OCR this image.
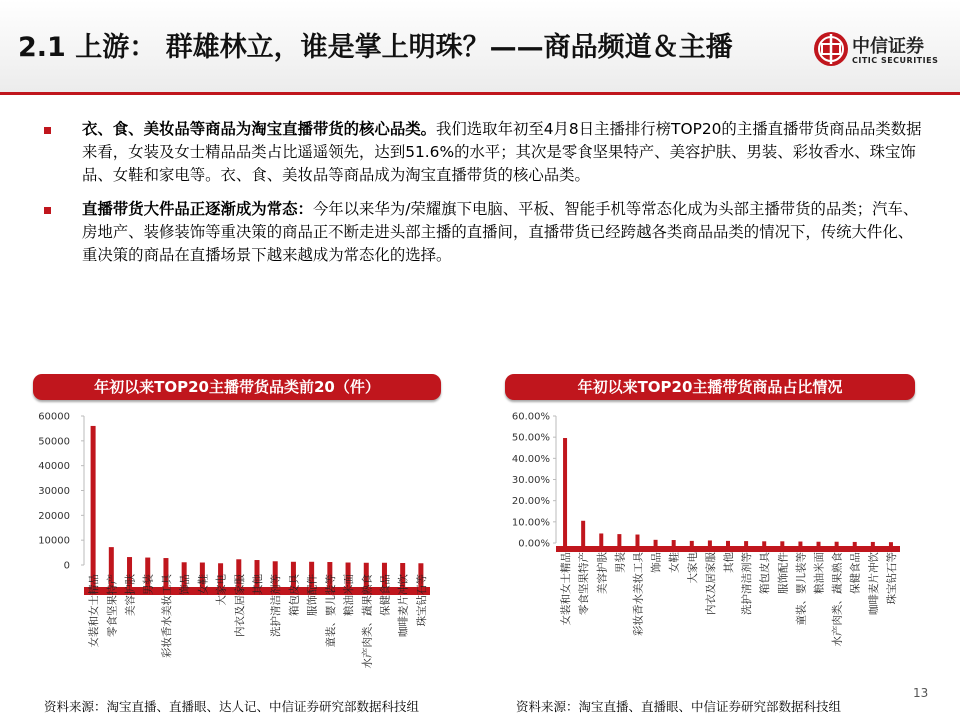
2.1 上游： 群雄林立，谁是掌上明珠？——商品频道＆主播	中信证券
CITIC SECURITIES
衣、食、美妆品等商品为淘宝直播带货的核心品类。我们选取年初至4月8日主播排行榜TOP20的主播直播带货商品品类数据来看，女装及女士精品品类占比遥遥领先，达到51.6%的水平；其次是零食坚果特产、美容护肤、男装、彩妆香水、珠宝饰品、女鞋和家电等。衣、食、美妆品等商品成为淘宝直播带货的核心品类。
直播带货大件品正逐渐成为常态：今年以来华为/荣耀旗下电脑、平板、智能手机等常态化成为头部主播带货的品类；汽车、房地产、装修装饰等重决策的商品正不断走进头部主播的直播间，直播带货已经跨越各类商品品类的情况下，传统大件化、重决策的商品在直播场景下越来越成为常态化的选择。
年初以来TOP20主播带货品类前20（件）	年初以来TOP20主播带货商品占比情况
60000
50000
40000
30000
20000
10000
0
女装和女士精品 零食坚果特产 美容护肤 男装 彩妆香水美妆工具 饰品 女鞋 大家电 内衣及居家服 其他 洗护清洁剂等 箱包皮具 服饰配件 童装、婴儿装等 粮油米面 水产肉类、蔬果熟食 保健食品 咖啡麦片冲饮 珠宝钻石等
60.00%
50.00%
40.00%
30.00%
20.00%
10.00%
0.00%
女装和女士精品 零食坚果特产 美容护肤 男装 彩妆香水美妆工具 饰品 女鞋 大家电 内衣及居家服 其他 洗护清洁剂等 箱包皮具 服饰配件 童装、婴儿装等 粮油米面 水产肉类、蔬果熟食 保健食品 咖啡麦片冲饮 珠宝钻石等
资料来源：淘宝直播、直播眼、达人记、中信证券研究部数据科技组	资料来源：淘宝直播、直播眼、中信证券研究部数据科技组
13
